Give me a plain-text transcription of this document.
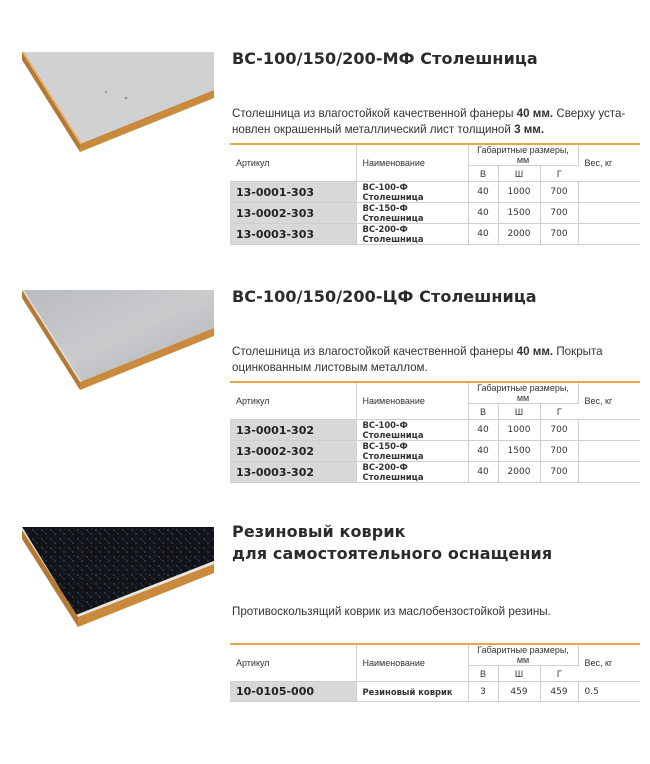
ВС-100/150/200-МФ Столешница
Столешница из влагостойкой качественной фанеры 40 мм. Сверху уста-
новлен окрашенный металлический лист толщиной 3 мм.
Артикул	Наименование	Габаритные размеры, мм			Вес, кг
		В	Ш	Г	
13-0001-303	ВС-100-Ф Столешница	40	1000	700	
13-0002-303	ВС-150-Ф Столешница	40	1500	700	
13-0003-303	ВС-200-Ф Столешница	40	2000	700	
ВС-100/150/200-ЦФ Столешница
Столешница из влагостойкой качественной фанеры 40 мм. Покрыта
оцинкованным листовым металлом.
Артикул	Наименование	Габаритные размеры, мм			Вес, кг
		В	Ш	Г	
13-0001-302	ВС-100-Ф Столешница	40	1000	700	
13-0002-302	ВС-150-Ф Столешница	40	1500	700	
13-0003-302	ВС-200-Ф Столешница	40	2000	700	
Резиновый коврик
для самостоятельного оснащения
Противоскользящий коврик из маслобензостойкой резины.
Артикул	Наименование	Габаритные размеры, мм			Вес, кг
		В	Ш	Г	
10-0105-000	Резиновый коврик	3	459	459	0.5
